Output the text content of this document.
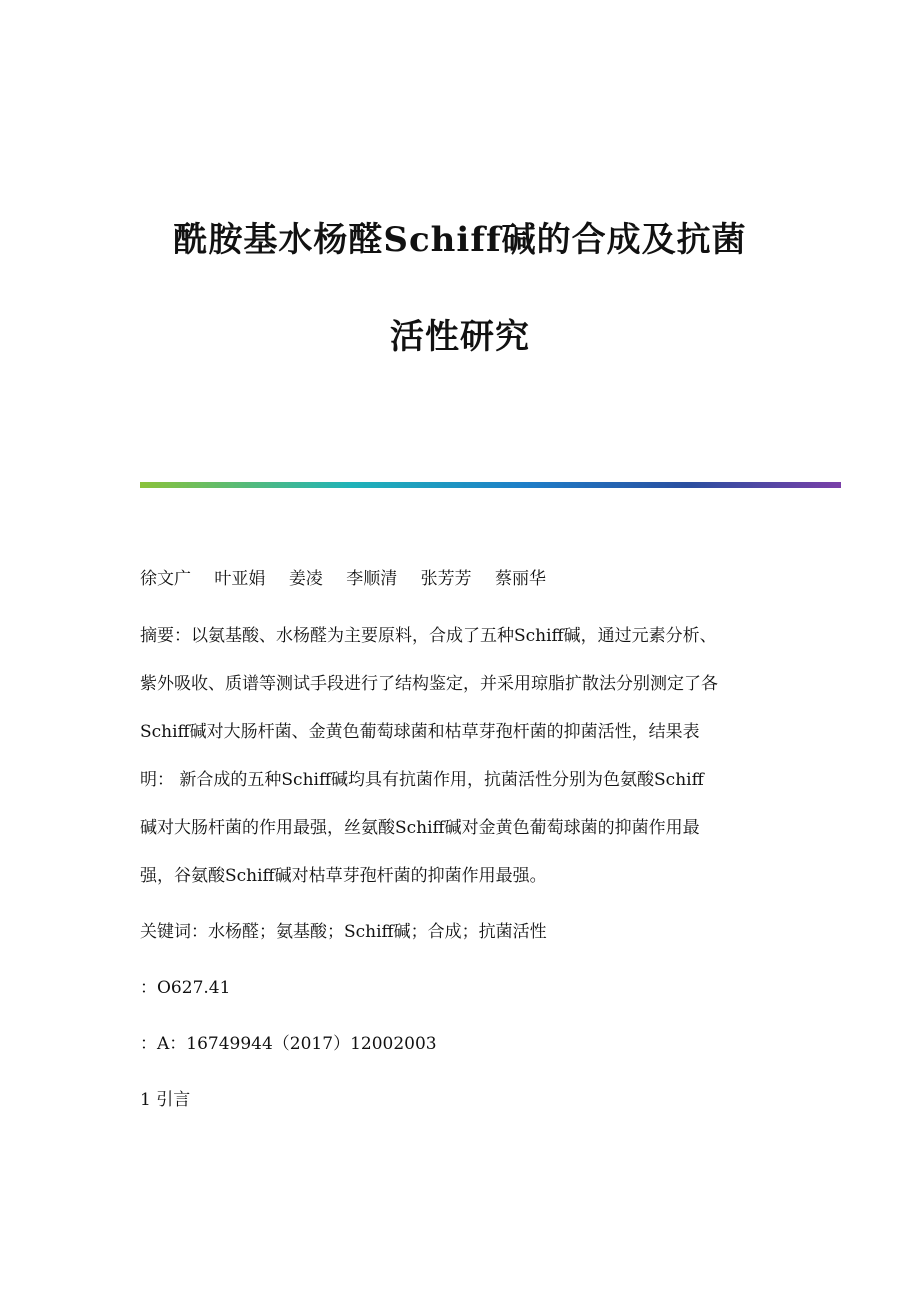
酰胺基水杨醛Schiff碱的合成及抗菌
活性研究
徐文广 叶亚娟 姜凌 李顺清 张芳芳 蔡丽华
摘要：以氨基酸、水杨醛为主要原料，合成了五种Schiff碱，通过元素分析、
紫外吸收、质谱等测试手段进行了结构鉴定，并采用琼脂扩散法分别测定了各
Schiff碱对大肠杆菌、金黄色葡萄球菌和枯草芽孢杆菌的抑菌活性，结果表
明： 新合成的五种Schiff碱均具有抗菌作用，抗菌活性分别为色氨酸Schiff
碱对大肠杆菌的作用最强，丝氨酸Schiff碱对金黄色葡萄球菌的抑菌作用最
强，谷氨酸Schiff碱对枯草芽孢杆菌的抑菌作用最强。
关键词：水杨醛；氨基酸；Schiff碱；合成；抗菌活性
：O627.41
：A：16749944（2017）12002003
1 引言
